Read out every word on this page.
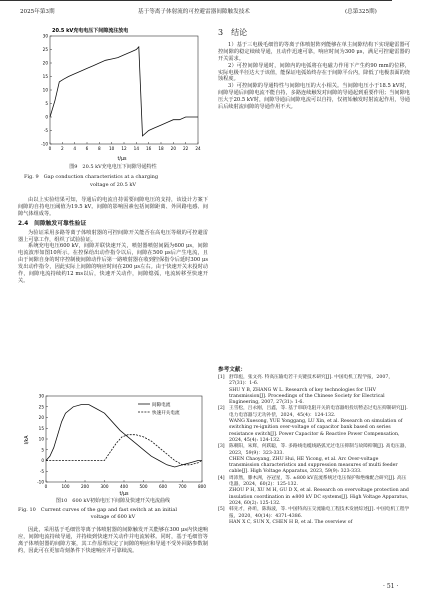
2025年第3期	基于等离子体射流的可控避雷器间隙触发技术	(总第325期)
20.5 kV充电电压下间隙流注放电
t/μs
0 2 4 6 8 10 12 14 16 18 20 22 24
30
25
20
15
10
5
0
-5
-10
图9　20.5 kV充电电压下间隙导通特性
Fig. 9　Gap conduction characteristics at a charging
voltage of 20.5 kV

由以上实验结果可知，导通后的电流自持需要间隙电压的支持，该设计方案下间隙的自持电压阈值为19.5 kV。间隙的影响因素包括间隙距离、外回路电感、间隙气体组成等。

2.4　间隙触发可靠性验证

为验证采用多路等离子体喷射器的可控间隙开关能否在高电压等级的可控避雷器上可靠工作，组织了试验验证。

系统充电电压600 kV，间隙并联快速开关，喷射器喷射间隔为600 μs，间隙电流波形如图10所示。在控保给出动作指令以后，间隙在500 μs后产生电流，且由于间隙自身的时序控制使间隙动作后第一路喷射器在收到控保指令后延时300 μs发出动作指令，因此实际上间隙的响应时间在200 μs左右。由于快速开关未投时动作，间隙电流持续约12 ms以后，快速开关动作，间隙熄弧，电流转移至快速开关。

I/kA
t/μs
间隙电流
快速开关电流
0	100	200	300	400	500	600	700	800
30
25
20
15
10
5
0
-5
-10
图10　600 kV初始电压下间隙及快速开关电流曲线
Fig. 10　Current curves of the gap and fast switch at an initial
voltage of 600 kV

因此，采用基于毛细管等离子体喷射器的间隙触发开关能够在300 μs内快速响应，间隙电流持续导通，并持续到快速开关动作并电流转移。同时，基于毛细管等离子体喷射器的间隙方案，其工作原理决定了间隙的响应和导通不受外回路参数制约，因此可在更加苛刻条件下快速响应并可靠续流。

3　结论

1）基于三电极毛细管的等离子体喷射阵列能够在单主间隙结构下实现避雷器可控间隙的稳定续续导通，且动作迅速可靠，响应时间为300 μs，满足可控避雷器的开关需求。

2）可控间隙导通时，间隙内的电弧将在电磁力作用下产生约90 mm的位移，实际电极半径达大于该值，能保证电弧始终存在于间隙平台内，降低了电极表面的烧蚀程度。

3）可控间隙的导通特性与间隙电压的大小相关。当间隙电压小于18.5 kV时，间隙导通后间隙电流不能自持，多路连续触发对间隙的导通起到重要作用；当间隙电压大于20.5 kV时，间隙导通后间隙电流可以自持，仅初始触发时射流起作用，导通后后续射流间隙的导通作用不大。

参考文献：
[1] 舒印彪，张文亮. 特高压输电若干关键技术研究[J]. 中国电机工程学报，2007，27(31)：1-6.
SHU Y B, ZHANG W L. Research of key technologies for UHV transmission[J]. Proceedings of the Chinese Society for Electrical Engineering, 2007, 27(31): 1-6.
[2] 王雪松，吕永刚，吕鑫，等. 基于串联电阻开关的电容器组投切暂态过电压抑制研究[J]. 电力电容器与无功补偿，2024，45(4)：124-132.
WANG Xuesong, YUE Yonggang, LU Xin, et al. Research on simulation of switching re-ignition over-voltage of capacitor bank based on series resistance switch[J]. Power Capacitor & Reactive Power Compensation, 2024, 45(4): 124-132.
[3] 陈朝阳，朱辉，何跃聪，等. 多路线电缆线路弧光过电压抑制与故障抑制[J]. 高电压器，2023，59(9)：323-333.
CHEN Chaoyang, ZHU Hui, HE Yicong, et al. Arc Over-voltage transmission characteristics and suppression measures of multi feeder cable[J]. High Voltage Apparatus, 2023, 59(9): 323-333.
[4] 周沛然，滕木洲，谷冠星，等. ±800 kV直流系统过电压保护和绝缘配合研究[J]. 高压电器，2024，60(2)：125-132.
ZHOU P H, XU M H, GU D X, et al. Research on overvoltage protection and insulation coordination in ±800 kV DC systems[J]. High Voltage Apparatus, 2024, 60(2): 125-132.
[5] 韩先才，孙昕，陈海波，等. 中国特高压交流输电工程技术发展综述[J]. 中国电机工程学报，2020，40(14)：4371-4386.
HAN X C, SUN X, CHEN H B, et al. The overview of
· 51 ·
